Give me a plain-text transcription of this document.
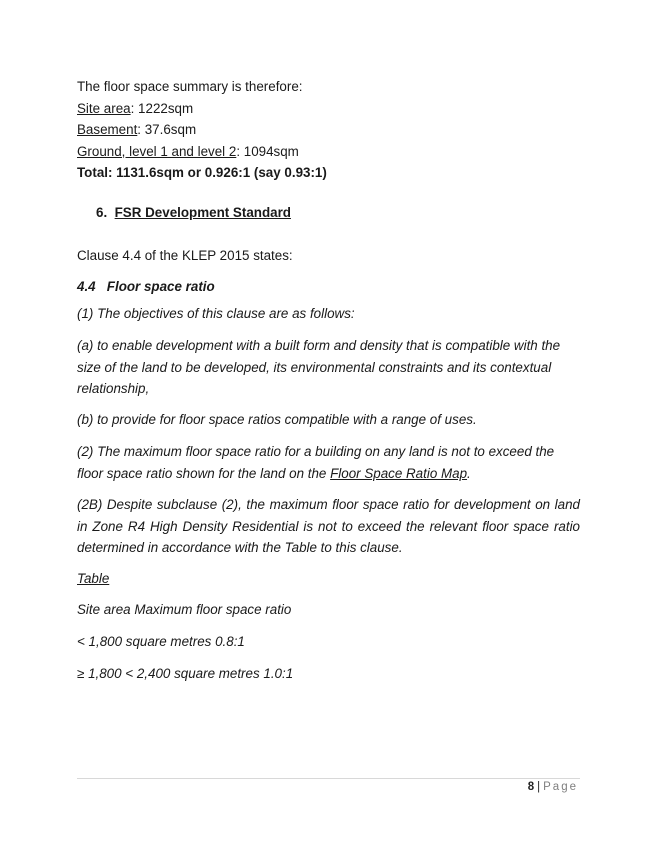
The floor space summary is therefore:
Site area: 1222sqm
Basement: 37.6sqm
Ground, level 1 and level 2: 1094sqm
Total: 1131.6sqm or 0.926:1 (say 0.93:1)
6. FSR Development Standard
Clause 4.4 of the KLEP 2015 states:
4.4 Floor space ratio
(1) The objectives of this clause are as follows:
(a) to enable development with a built form and density that is compatible with the size of the land to be developed, its environmental constraints and its contextual relationship,
(b) to provide for floor space ratios compatible with a range of uses.
(2) The maximum floor space ratio for a building on any land is not to exceed the floor space ratio shown for the land on the Floor Space Ratio Map.
(2B) Despite subclause (2), the maximum floor space ratio for development on land in Zone R4 High Density Residential is not to exceed the relevant floor space ratio determined in accordance with the Table to this clause.
Table
Site area Maximum floor space ratio
< 1,800 square metres 0.8:1
≥ 1,800 < 2,400 square metres 1.0:1
8 | Page
